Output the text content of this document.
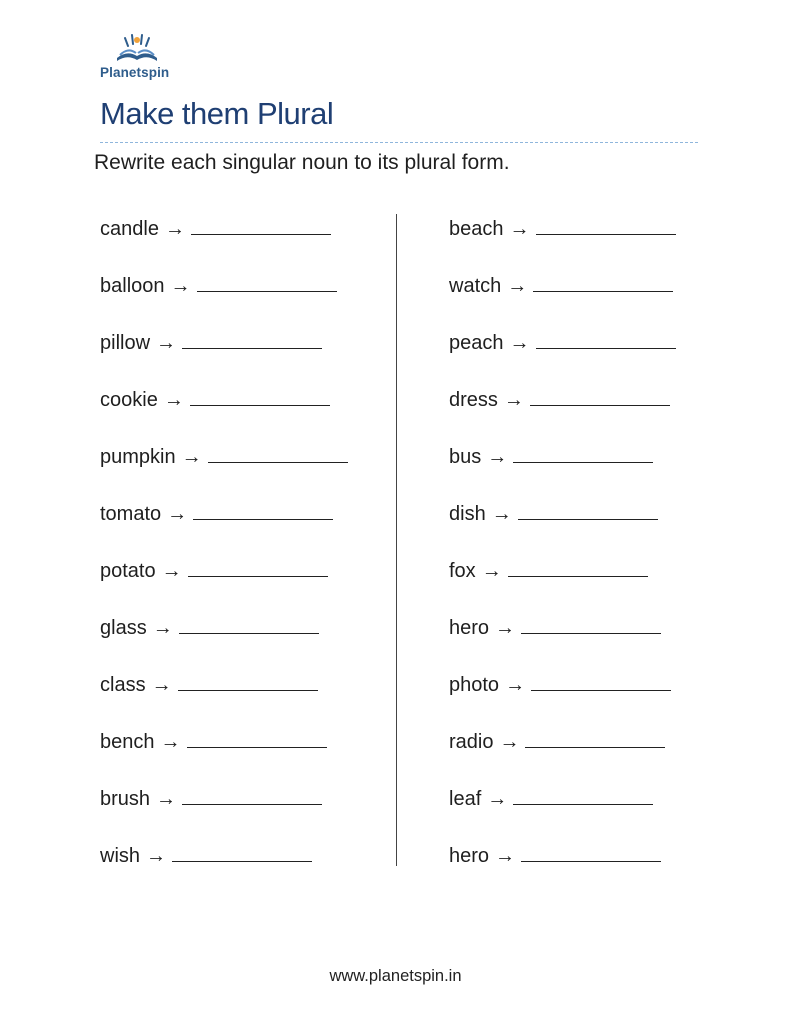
Planetspin
Make them Plural
Rewrite each singular noun to its plural form.
candle →
balloon →
pillow →
cookie →
pumpkin →
tomato →
potato →
glass →
class →
bench →
brush →
wish →
beach →
watch →
peach →
dress →
bus →
dish →
fox →
hero →
photo →
radio →
leaf →
hero →
www.planetspin.in
